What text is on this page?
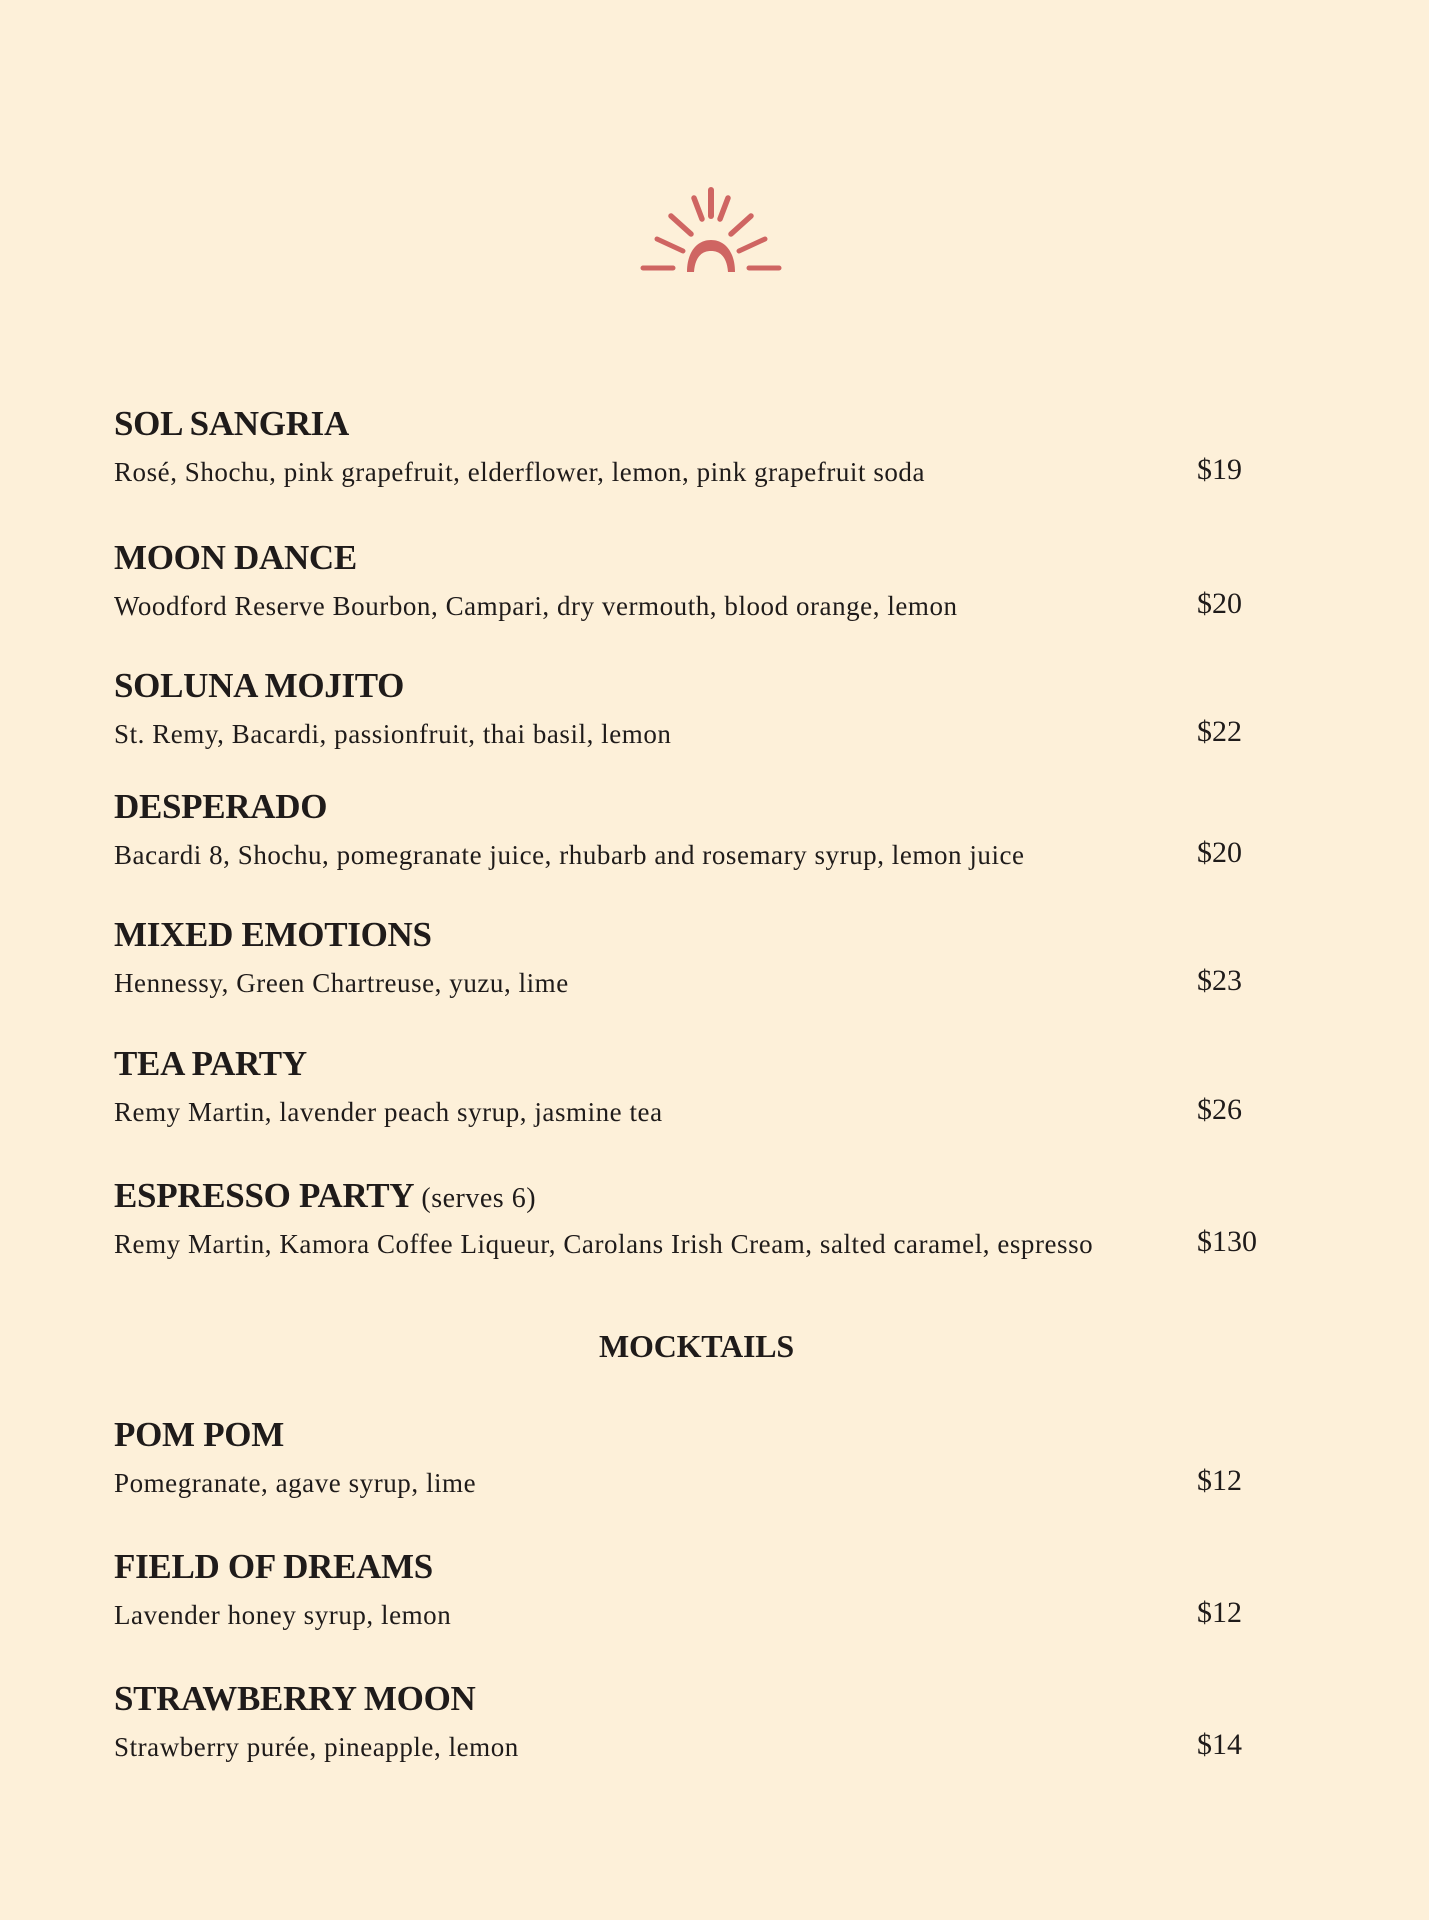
SOL SANGRIA
Rosé, Shochu, pink grapefruit, elderflower, lemon, pink grapefruit soda	$19
MOON DANCE
Woodford Reserve Bourbon, Campari, dry vermouth, blood orange, lemon	$20
SOLUNA MOJITO
St. Remy, Bacardi, passionfruit, thai basil, lemon	$22
DESPERADO
Bacardi 8, Shochu, pomegranate juice, rhubarb and rosemary syrup, lemon juice	$20
MIXED EMOTIONS
Hennessy, Green Chartreuse, yuzu, lime	$23
TEA PARTY
Remy Martin, lavender peach syrup, jasmine tea	$26
ESPRESSO PARTY (serves 6)
Remy Martin, Kamora Coffee Liqueur, Carolans Irish Cream, salted caramel, espresso	$130
MOCKTAILS
POM POM
Pomegranate, agave syrup, lime	$12
FIELD OF DREAMS
Lavender honey syrup, lemon	$12
STRAWBERRY MOON
Strawberry purée, pineapple, lemon	$14
